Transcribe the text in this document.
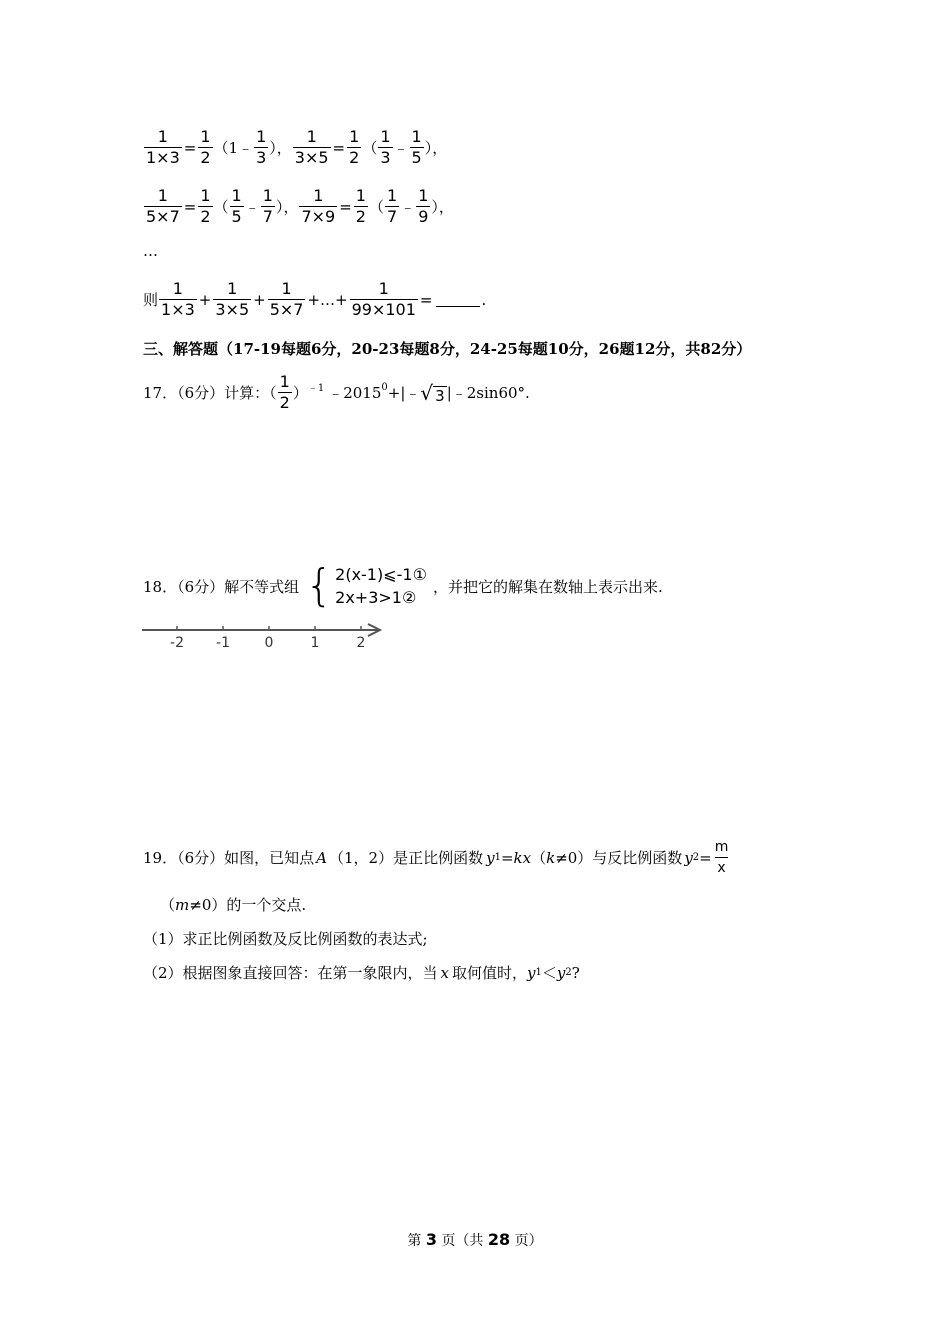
$\frac{1}{1\times 3} = \frac{1}{2}$ （1﹣ $\frac{1}{3}$ ）， $\frac{1}{3\times 5} = \frac{1}{2}$ （ $\frac{1}{3}$ ﹣ $\frac{1}{5}$ ），
$\frac{1}{5\times 7} = \frac{1}{2}$ （ $\frac{1}{5}$ ﹣ $\frac{1}{7}$ ）， $\frac{1}{7\times 9} = \frac{1}{2}$ （ $\frac{1}{7}$ ﹣ $\frac{1}{9}$ ），
…
则 $\frac{1}{1\times 3} + \frac{1}{3\times 5} + \frac{1}{5\times 7}$ +…+ $\frac{1}{99\times 101}$ =	.
三、解答题（17-19每题6分，20-23每题8分，24-25每题10分，26题12分，共82分）
17．（6分）计算：（ $\frac{1}{2}$ ） ﹣1 ﹣2015 0 +|﹣ √ 3 |﹣2sin60°.
18．（6分）解不等式组 { 2(x-1)⩽-1①
2x+3>1②
，并把它的解集在数轴上表示出来.
-2 -1 0	1	2
19．（6分）如图，已知点 A （1，2）是正比例函数 y 1 = kx （ k ≠0）与反比例函数 y $2 = \frac{m}{x}$
（ m ≠0）的一个交点.
（1）求正比例函数及反比例函数的表达式;
（2）根据图象直接回答：在第一象限内，当 x 取何值时， y 1 ＜ y 2 ?
第 3 页（共 28 页）
